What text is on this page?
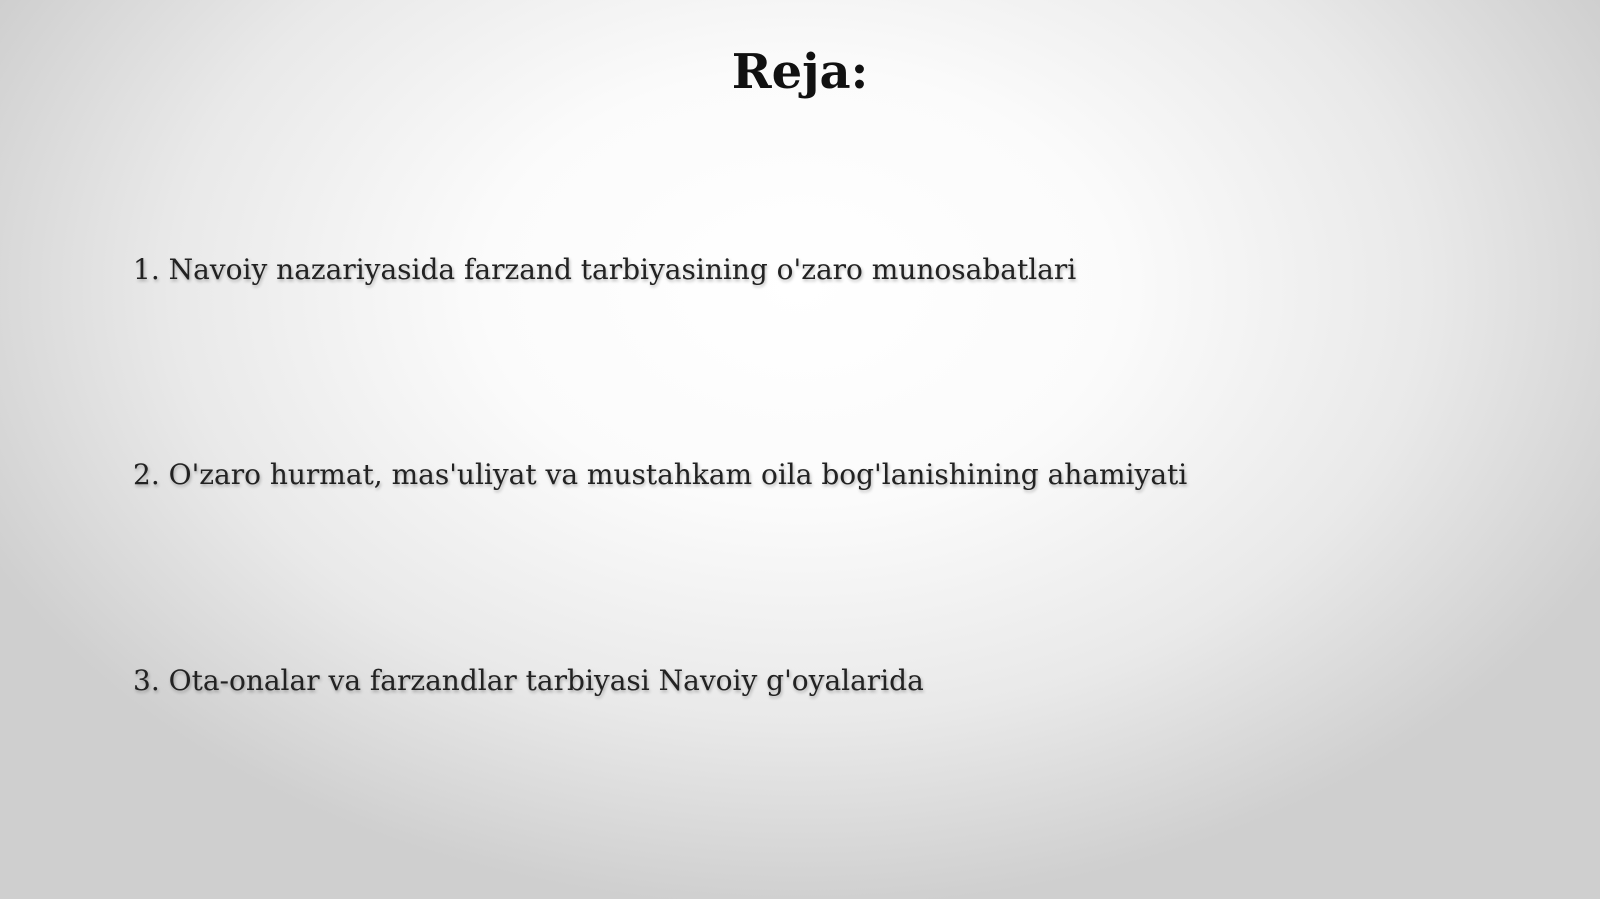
Reja:

1. Navoiy nazariyasida farzand tarbiyasining o'zaro munosabatlari

2. O'zaro hurmat, mas'uliyat va mustahkam oila bog'lanishining ahamiyati

3. Ota-onalar va farzandlar tarbiyasi Navoiy g'oyalarida
